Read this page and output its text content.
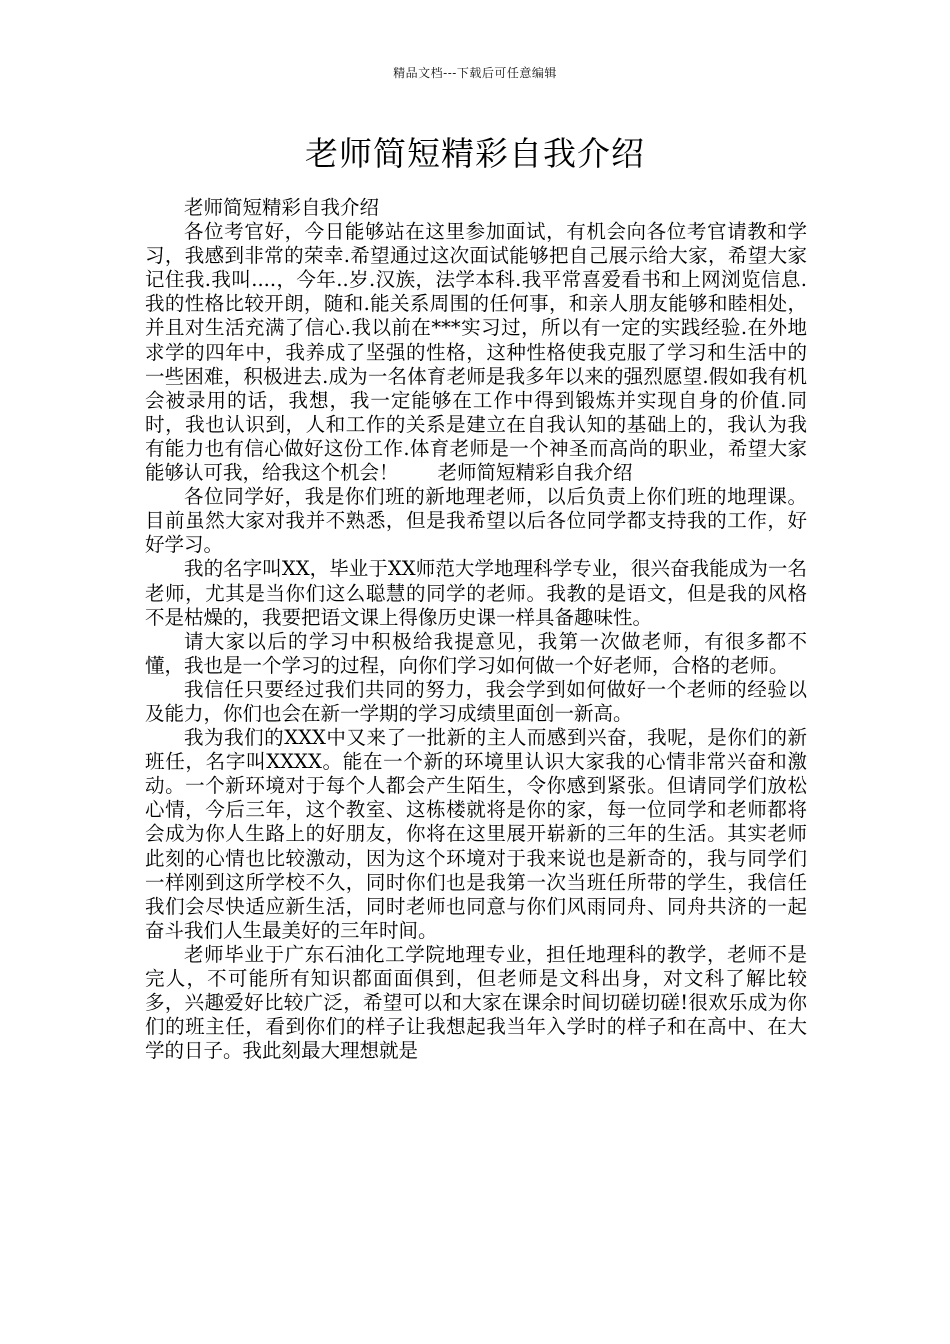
精品文档---下载后可任意编辑
老师简短精彩自我介绍

老师简短精彩自我介绍

各位考官好，今日能够站在这里参加面试，有机会向各位考官请教和学习，我感到非常的荣幸.希望通过这次面试能够把自己展示给大家，希望大家记住我.我叫....，今年..岁.汉族，法学本科.我平常喜爱看书和上网浏览信息.我的性格比较开朗，随和.能关系周围的任何事，和亲人朋友能够和睦相处，并且对生活充满了信心.我以前在***实习过，所以有一定的实践经验.在外地求学的四年中，我养成了坚强的性格，这种性格使我克服了学习和生活中的一些困难，积极进去.成为一名体育老师是我多年以来的强烈愿望.假如我有机会被录用的话，我想，我一定能够在工作中得到锻炼并实现自身的价值.同时，我也认识到，人和工作的关系是建立在自我认知的基础上的，我认为我有能力也有信心做好这份工作.体育老师是一个神圣而高尚的职业，希望大家能够认可我，给我这个机会！　　老师简短精彩自我介绍

各位同学好，我是你们班的新地理老师，以后负责上你们班的地理课。目前虽然大家对我并不熟悉，但是我希望以后各位同学都支持我的工作，好好学习。

我的名字叫XX，毕业于XX师范大学地理科学专业，很兴奋我能成为一名老师，尤其是当你们这么聪慧的同学的老师。我教的是语文，但是我的风格不是枯燥的，我要把语文课上得像历史课一样具备趣味性。

请大家以后的学习中积极给我提意见，我第一次做老师，有很多都不懂，我也是一个学习的过程，向你们学习如何做一个好老师，合格的老师。

我信任只要经过我们共同的努力，我会学到如何做好一个老师的经验以及能力，你们也会在新一学期的学习成绩里面创一新高。

我为我们的XXX中又来了一批新的主人而感到兴奋，我呢，是你们的新班任，名字叫XXXX。能在一个新的环境里认识大家我的心情非常兴奋和激动。一个新环境对于每个人都会产生陌生，令你感到紧张。但请同学们放松心情，今后三年，这个教室、这栋楼就将是你的家，每一位同学和老师都将会成为你人生路上的好朋友，你将在这里展开崭新的三年的生活。其实老师此刻的心情也比较激动，因为这个环境对于我来说也是新奇的，我与同学们一样刚到这所学校不久，同时你们也是我第一次当班任所带的学生，我信任我们会尽快适应新生活，同时老师也同意与你们风雨同舟、同舟共济的一起奋斗我们人生最美好的三年时间。

老师毕业于广东石油化工学院地理专业，担任地理科的教学，老师不是完人，不可能所有知识都面面俱到，但老师是文科出身，对文科了解比较多，兴趣爱好比较广泛，希望可以和大家在课余时间切磋切磋!很欢乐成为你们的班主任，看到你们的样子让我想起我当年入学时的样子和在高中、在大学的日子。我此刻最大理想就是
